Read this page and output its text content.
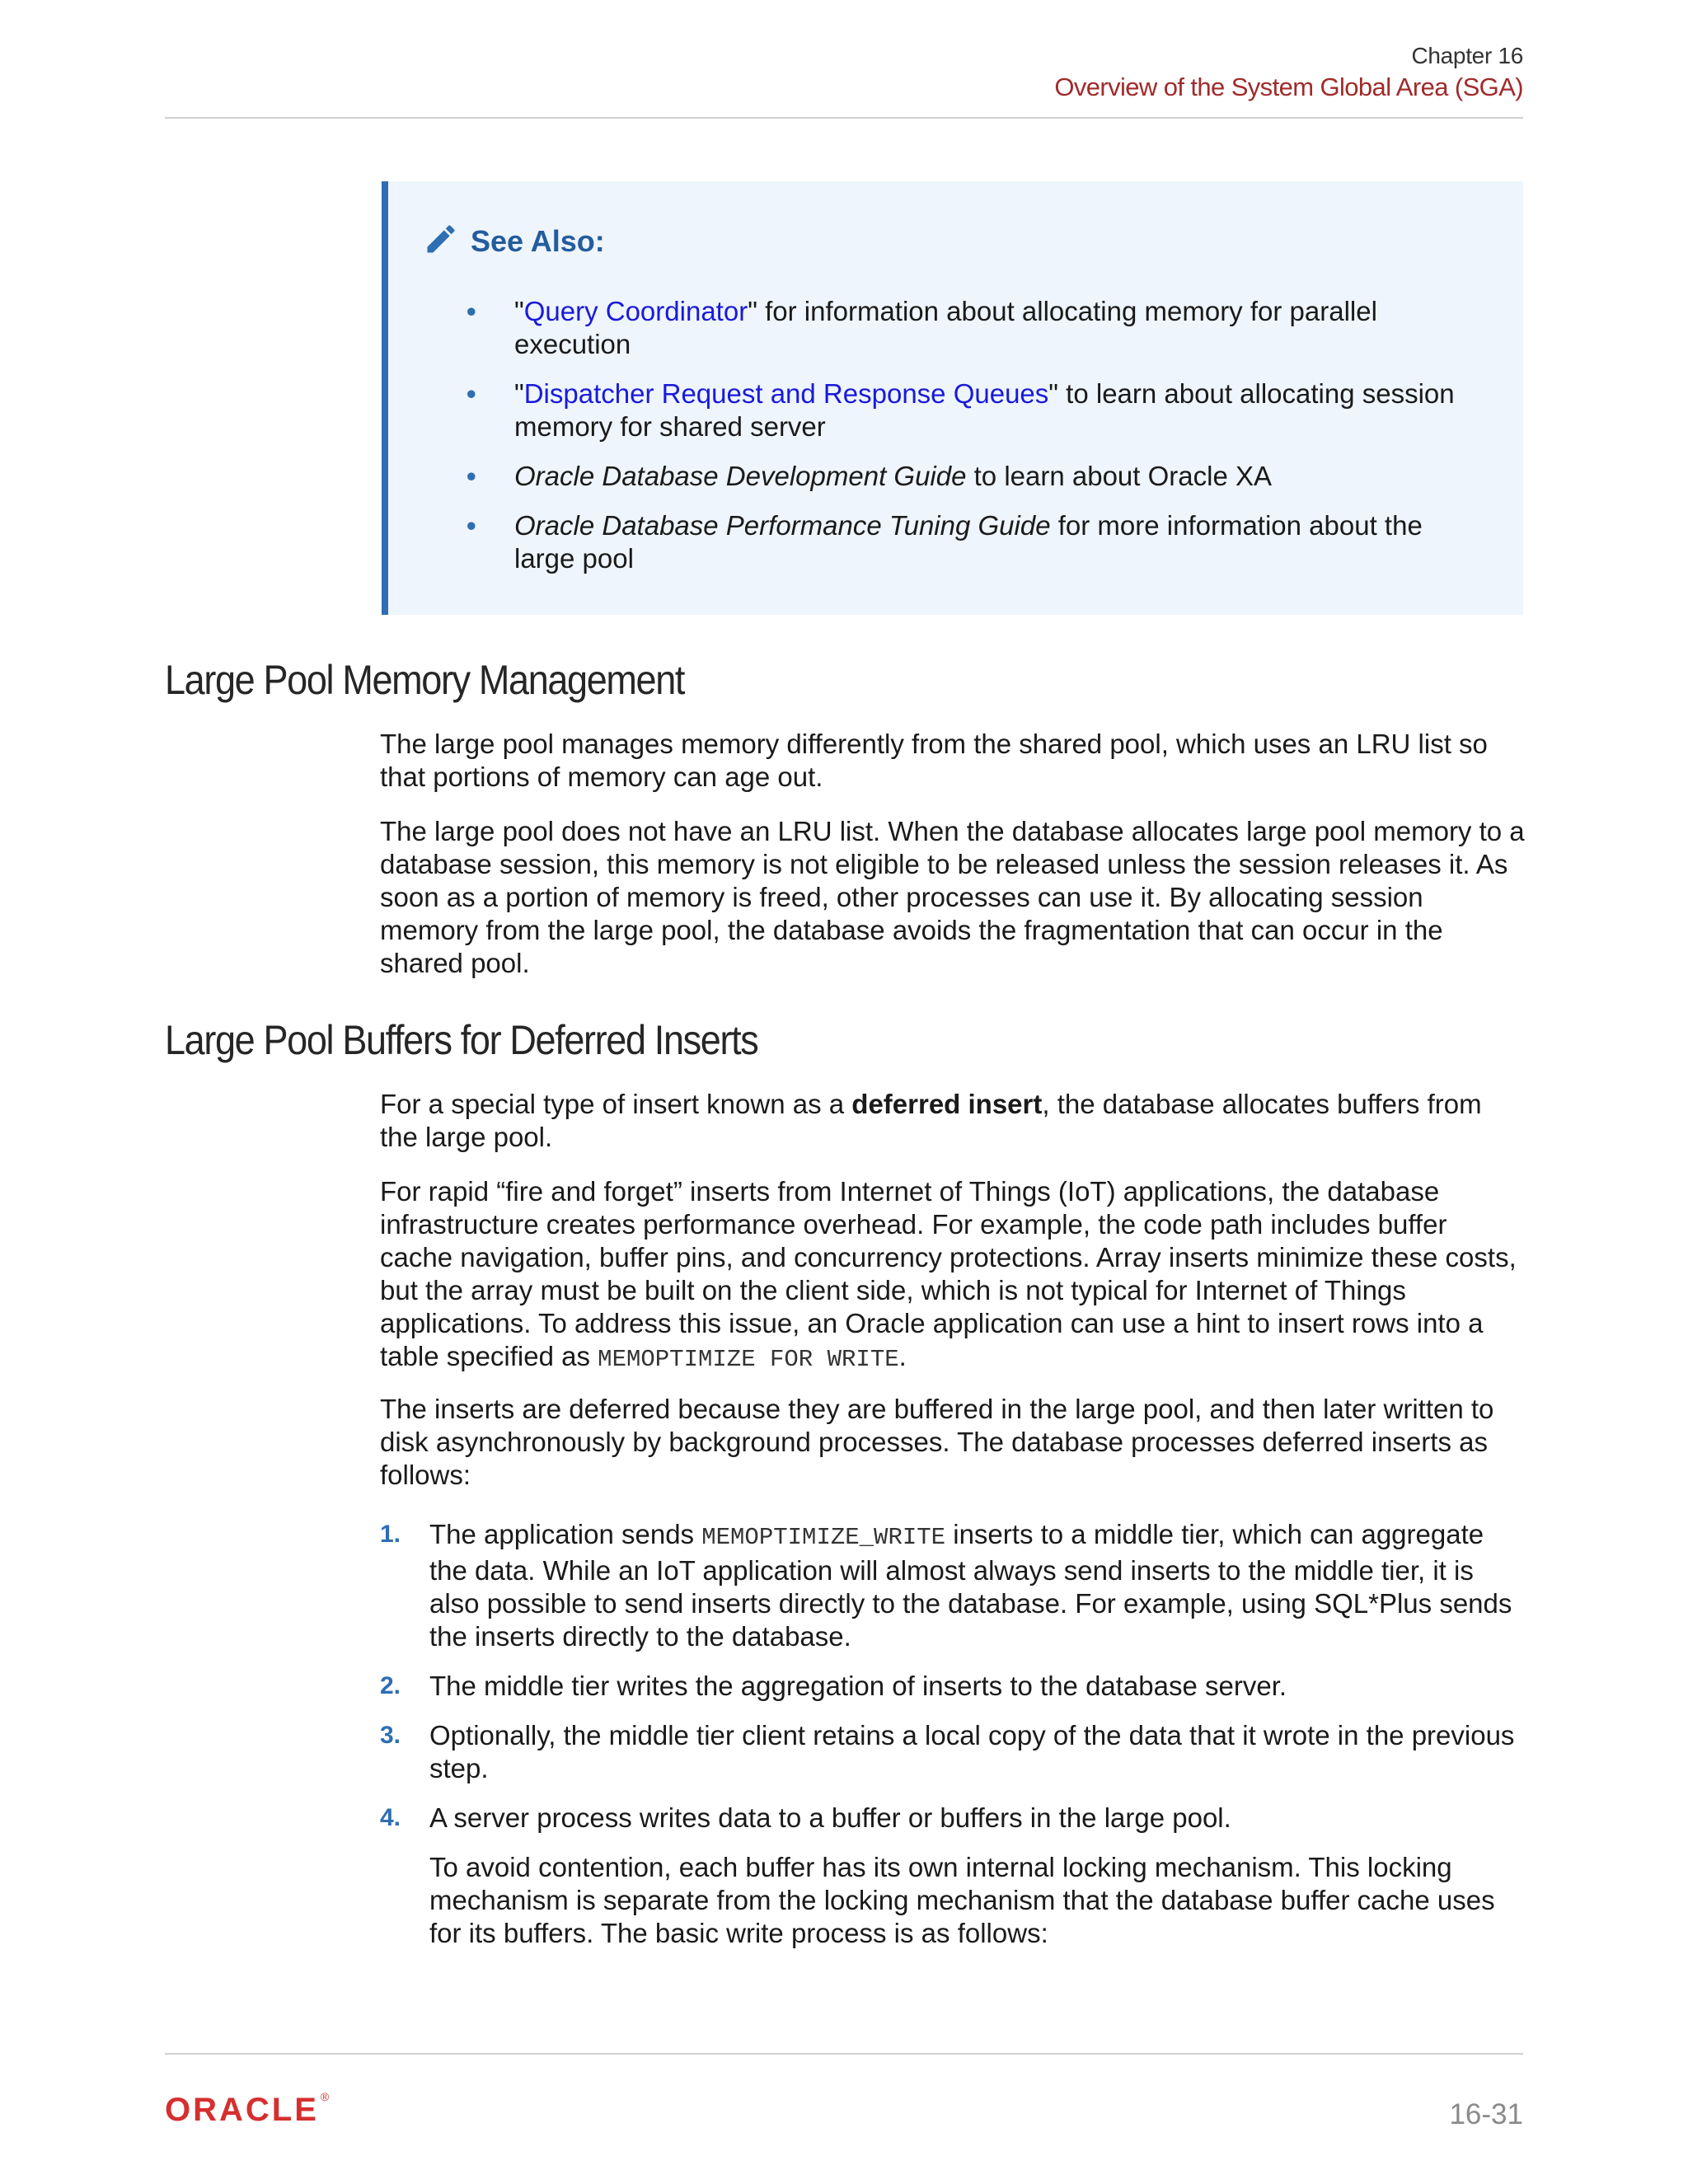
Chapter 16
Overview of the System Global Area (SGA)
See Also:
• "Query Coordinator" for information about allocating memory for parallel execution
• "Dispatcher Request and Response Queues" to learn about allocating session memory for shared server
• Oracle Database Development Guide to learn about Oracle XA
• Oracle Database Performance Tuning Guide for more information about the large pool
Large Pool Memory Management

The large pool manages memory differently from the shared pool, which uses an LRU list so that portions of memory can age out.

The large pool does not have an LRU list. When the database allocates large pool memory to a database session, this memory is not eligible to be released unless the session releases it. As soon as a portion of memory is freed, other processes can use it. By allocating session memory from the large pool, the database avoids the fragmentation that can occur in the shared pool.

Large Pool Buffers for Deferred Inserts

For a special type of insert known as a deferred insert, the database allocates buffers from the large pool.

For rapid “fire and forget” inserts from Internet of Things (IoT) applications, the database infrastructure creates performance overhead. For example, the code path includes buffer cache navigation, buffer pins, and concurrency protections. Array inserts minimize these costs, but the array must be built on the client side, which is not typical for Internet of Things applications. To address this issue, an Oracle application can use a hint to insert rows into a table specified as MEMOPTIMIZE FOR WRITE.

The inserts are deferred because they are buffered in the large pool, and then later written to disk asynchronously by background processes. The database processes deferred inserts as follows:

1. The application sends MEMOPTIMIZE_WRITE inserts to a middle tier, which can aggregate the data. While an IoT application will almost always send inserts to the middle tier, it is also possible to send inserts directly to the database. For example, using SQL*Plus sends the inserts directly to the database.
2. The middle tier writes the aggregation of inserts to the database server.
3. Optionally, the middle tier client retains a local copy of the data that it wrote in the previous step.
4. A server process writes data to a buffer or buffers in the large pool.

To avoid contention, each buffer has its own internal locking mechanism. This locking mechanism is separate from the locking mechanism that the database buffer cache uses for its buffers. The basic write process is as follows:

ORACLE ®
16-31
